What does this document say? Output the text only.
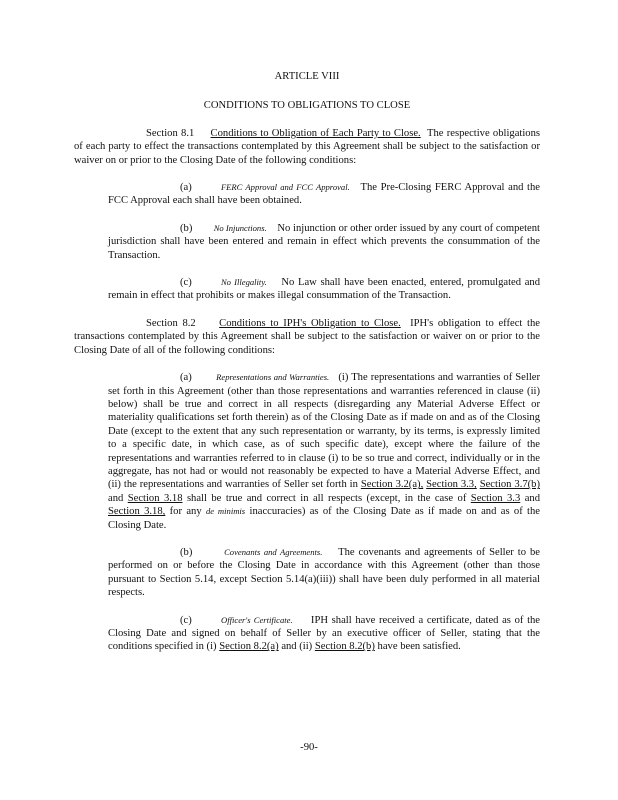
ARTICLE VIII

CONDITIONS TO OBLIGATIONS TO CLOSE

Section 8.1 Conditions to Obligation of Each Party to Close. The respective obligations of each party to effect the transactions contemplated by this Agreement shall be subject to the satisfaction or waiver on or prior to the Closing Date of the following conditions:

(a)	FERC Approval and FCC Approval. The Pre-Closing FERC Approval and the FCC Approval each shall have been obtained.

(b) No Injunctions. No injunction or other order issued by any court of competent jurisdiction shall have been entered and remain in effect which prevents the consummation of the Transaction.

(c)	No Illegality. No Law shall have been enacted, entered, promulgated and remain in effect that prohibits or makes illegal consummation of the Transaction.

Section 8.2 Conditions to IPH's Obligation to Close. IPH's obligation to effect the transactions contemplated by this Agreement shall be subject to the satisfaction or waiver on or prior to the Closing Date of all of the following conditions:

(a)	Representations and Warranties. (i) The representations and warranties of Seller set forth in this Agreement (other than those representations and warranties referenced in clause (ii) below) shall be true and correct in all respects (disregarding any Material Adverse Effect or materiality qualifications set forth therein) as of the Closing Date as if made on and as of the Closing Date (except to the extent that any such representation or warranty, by its terms, is expressly limited to a specific date, in which case, as of such specific date), except where the failure of the representations and warranties referred to in clause (i) to be so true and correct, individually or in the aggregate, has not had or would not reasonably be expected to have a Material Adverse Effect, and (ii) the representations and warranties of Seller set forth in Section 3.2(a), Section 3.3, Section 3.7(b) and Section 3.18 shall be true and correct in all respects (except, in the case of Section 3.3 and Section 3.18, for any de minimis inaccuracies) as of the Closing Date as if made on and as of the Closing Date.

(b)	Covenants and Agreements. The covenants and agreements of Seller to be performed on or before the Closing Date in accordance with this Agreement (other than those pursuant to Section 5.14, except Section 5.14(a)(iii)) shall have been duly performed in all material respects.

(c)	Officer's Certificate. IPH shall have received a certificate, dated as of the Closing Date and signed on behalf of Seller by an executive officer of Seller, stating that the conditions specified in (i) Section 8.2(a) and (ii) Section 8.2(b) have been satisfied.

-90-
